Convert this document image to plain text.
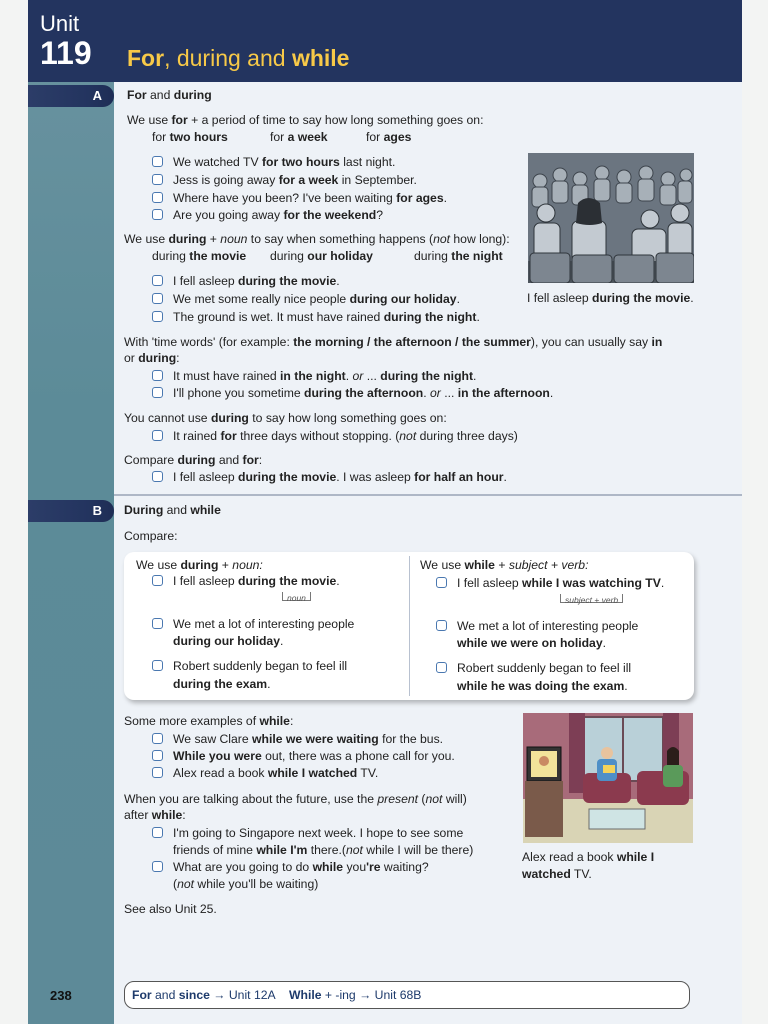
Unit
119 For, during and while
A	For and during
We use for + a period of time to say how long something goes on:
for two hours	for a week	for ages
We watched TV for two hours last night.
Jess is going away for a week in September.
Where have you been? I've been waiting for ages.
Are you going away for the weekend?
We use during + noun to say when something happens (not how long):
during the movie during our holiday	during the night
I fell asleep during the movie.
We met some really nice people during our holiday.
The ground is wet. It must have rained during the night.
I fell asleep during the movie.
With 'time words' (for example: the morning / the afternoon / the summer), you can usually say in
or during:
It must have rained in the night. or ... during the night.
I'll phone you sometime during the afternoon. or ... in the afternoon.
You cannot use during to say how long something goes on:
It rained for three days without stopping. (not during three days)
Compare during and for:
I fell asleep during the movie. I was asleep for half an hour.
B	During and while
Compare:
We use during + noun:
I fell asleep during the movie.
noun
We met a lot of interesting people
during our holiday.
Robert suddenly began to feel ill
during the exam.
We use while + subject + verb:
I fell asleep while I was watching TV.
subject + verb
We met a lot of interesting people
while we were on holiday.
Robert suddenly began to feel ill
while he was doing the exam.
Some more examples of while:
We saw Clare while we were waiting for the bus.
While you were out, there was a phone call for you.
Alex read a book while I watched TV.
When you are talking about the future, use the present (not will)
after while:
I'm going to Singapore next week. I hope to see some
friends of mine while I'm there.(not while I will be there)
What are you going to do while you're waiting?
(not while you'll be waiting)
See also Unit 25.
Alex read a book while I
watched TV.
238	For and since → Unit 12A While + -ing → Unit 68B
